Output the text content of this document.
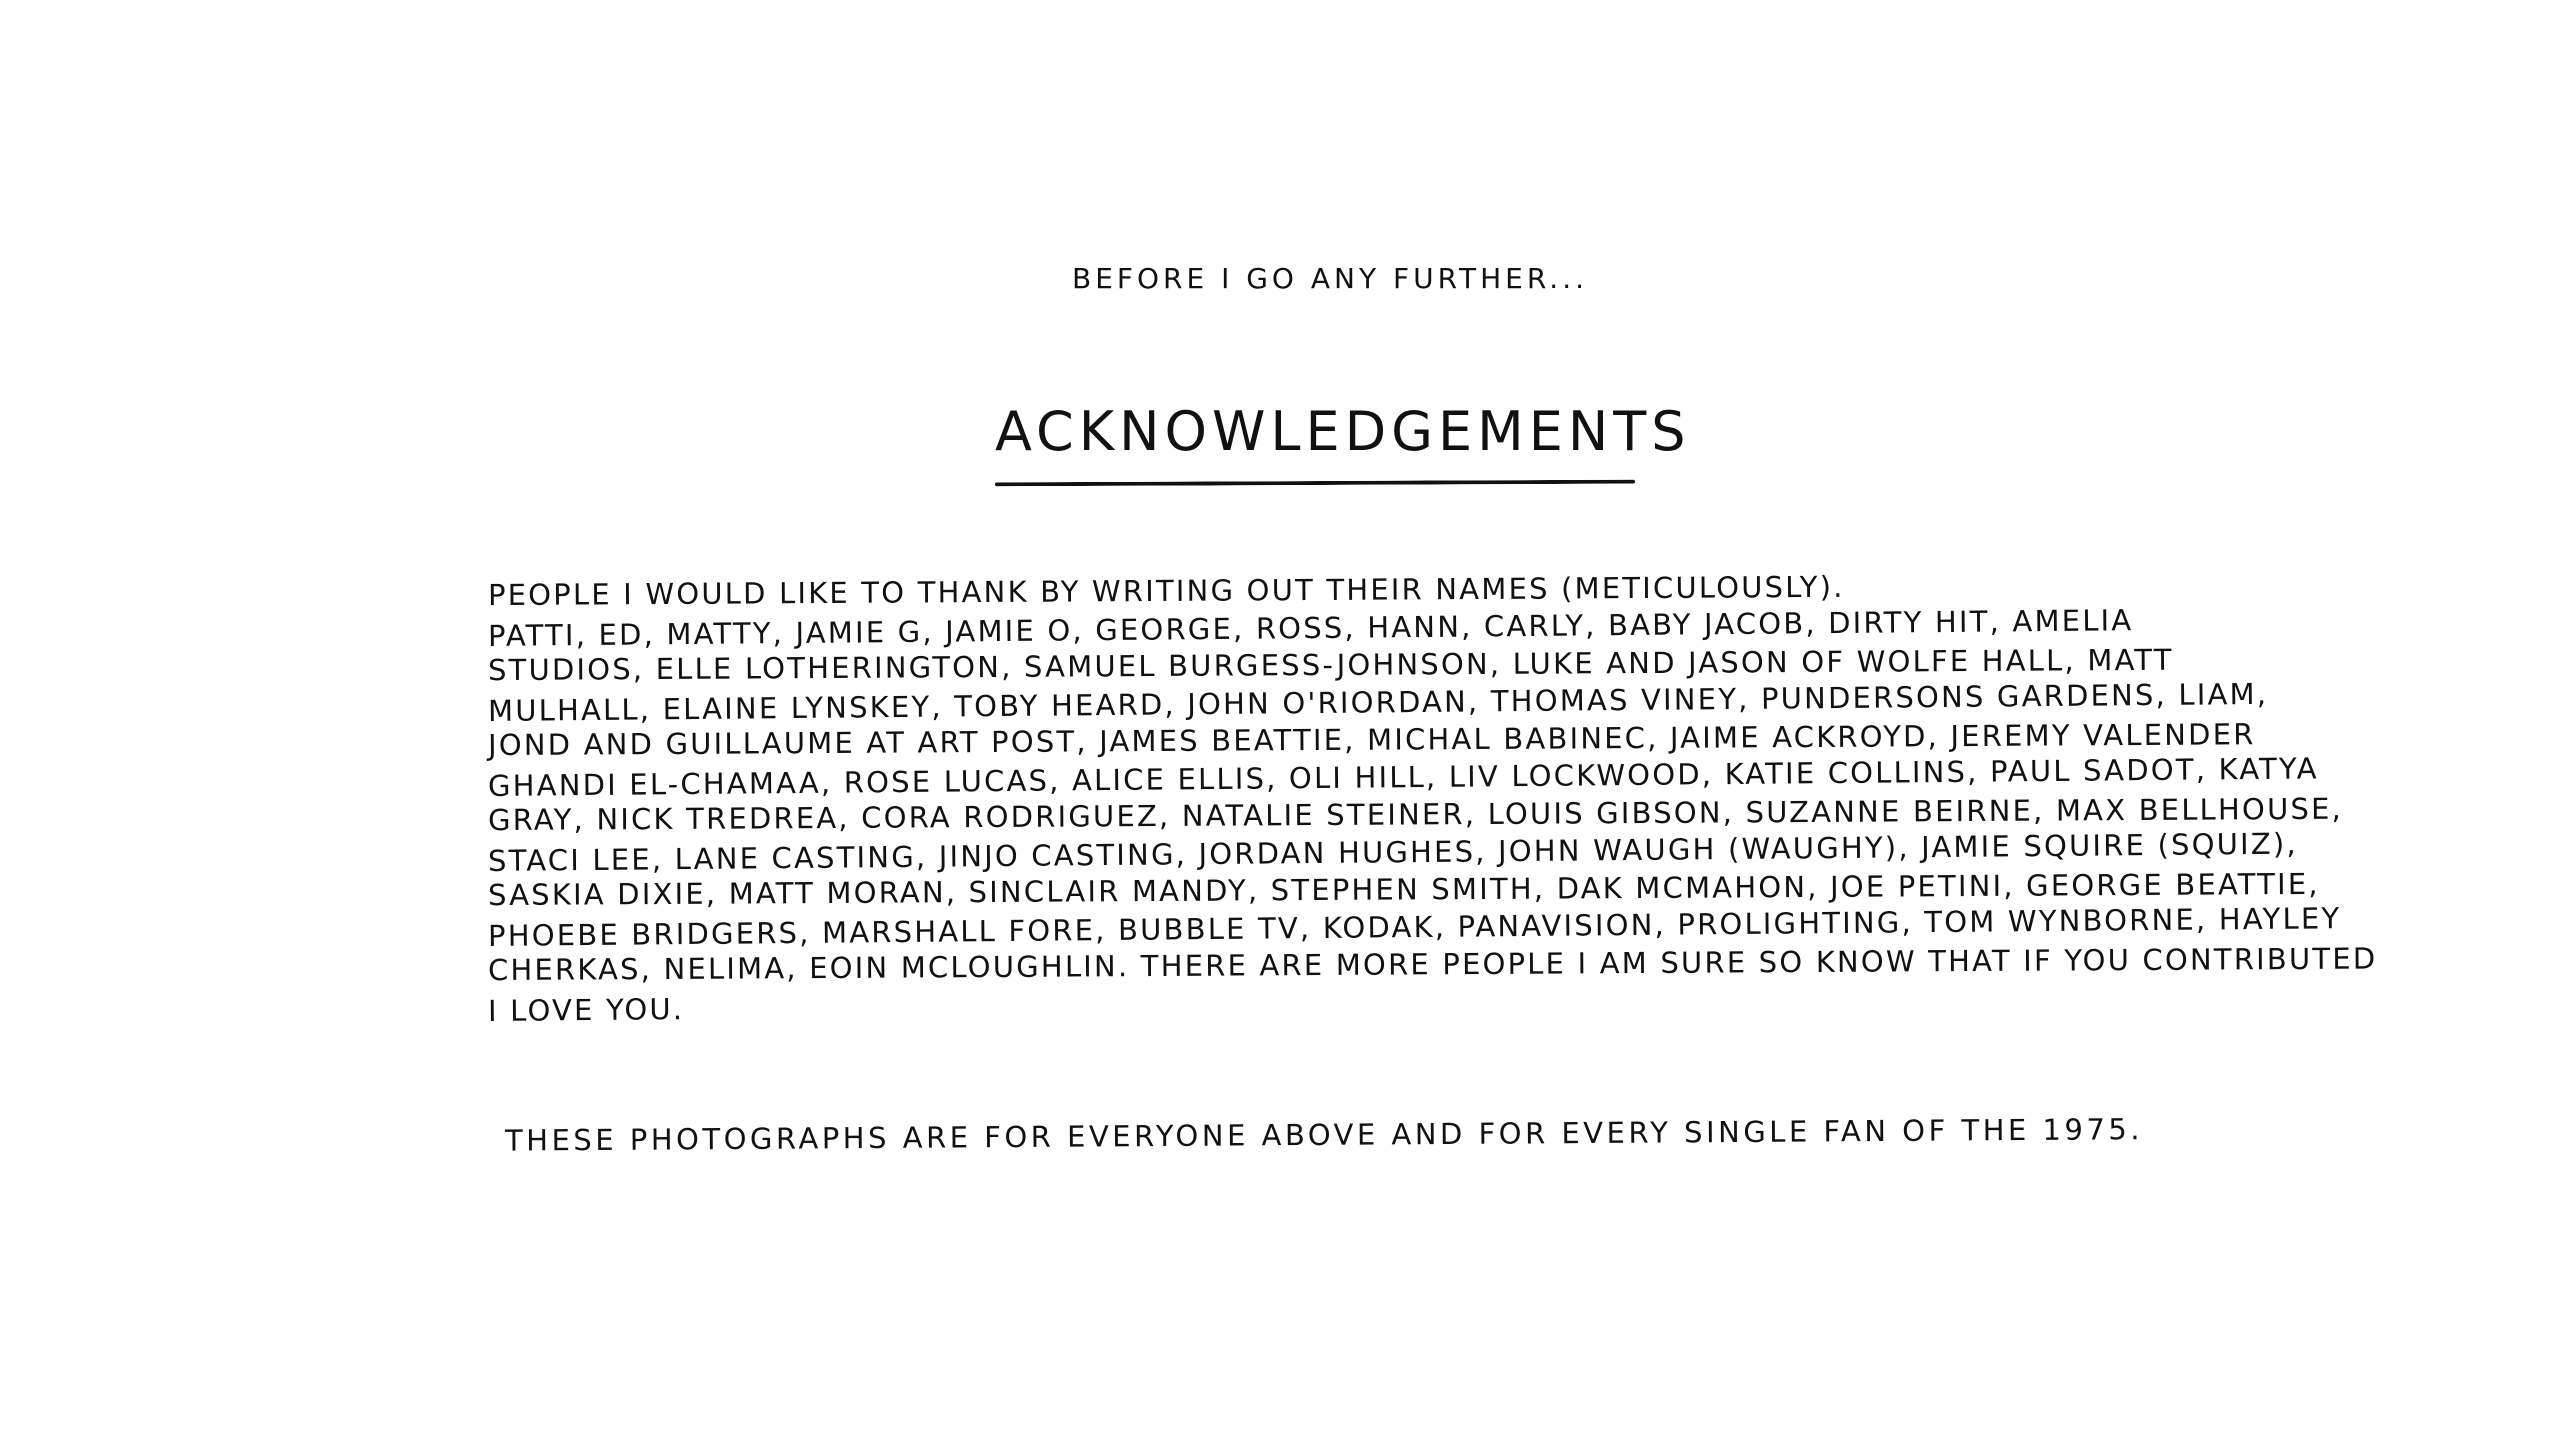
BEFORE I GO ANY FURTHER...
ACKNOWLEDGEMENTS
PEOPLE I WOULD LIKE TO THANK BY WRITING OUT THEIR NAMES (METICULOUSLY).
PATTI, ED, MATTY, JAMIE G, JAMIE O, GEORGE, ROSS, HANN, CARLY, BABY JACOB, DIRTY HIT, AMELIA
STUDIOS, ELLE LOTHERINGTON, SAMUEL BURGESS-JOHNSON, LUKE AND JASON OF WOLFE HALL, MATT
MULHALL, ELAINE LYNSKEY, TOBY HEARD, JOHN O'RIORDAN, THOMAS VINEY, PUNDERSONS GARDENS, LIAM,
JOND AND GUILLAUME AT ART POST, JAMES BEATTIE, MICHAL BABINEC, JAIME ACKROYD, JEREMY VALENDER
GHANDI EL-CHAMAA, ROSE LUCAS, ALICE ELLIS, OLI HILL, LIV LOCKWOOD, KATIE COLLINS, PAUL SADOT, KATYA
GRAY, NICK TREDREA, CORA RODRIGUEZ, NATALIE STEINER, LOUIS GIBSON, SUZANNE BEIRNE, MAX BELLHOUSE,
STACI LEE, LANE CASTING, JINJO CASTING, JORDAN HUGHES, JOHN WAUGH (WAUGHY), JAMIE SQUIRE (SQUIZ),
SASKIA DIXIE, MATT MORAN, SINCLAIR MANDY, STEPHEN SMITH, DAK MCMAHON, JOE PETINI, GEORGE BEATTIE,
PHOEBE BRIDGERS, MARSHALL FORE, BUBBLE TV, KODAK, PANAVISION, PROLIGHTING, TOM WYNBORNE, HAYLEY
CHERKAS, NELIMA, EOIN MCLOUGHLIN. THERE ARE MORE PEOPLE I AM SURE SO KNOW THAT IF YOU CONTRIBUTED
I LOVE YOU.
THESE PHOTOGRAPHS ARE FOR EVERYONE ABOVE AND FOR EVERY SINGLE FAN OF THE 1975.
